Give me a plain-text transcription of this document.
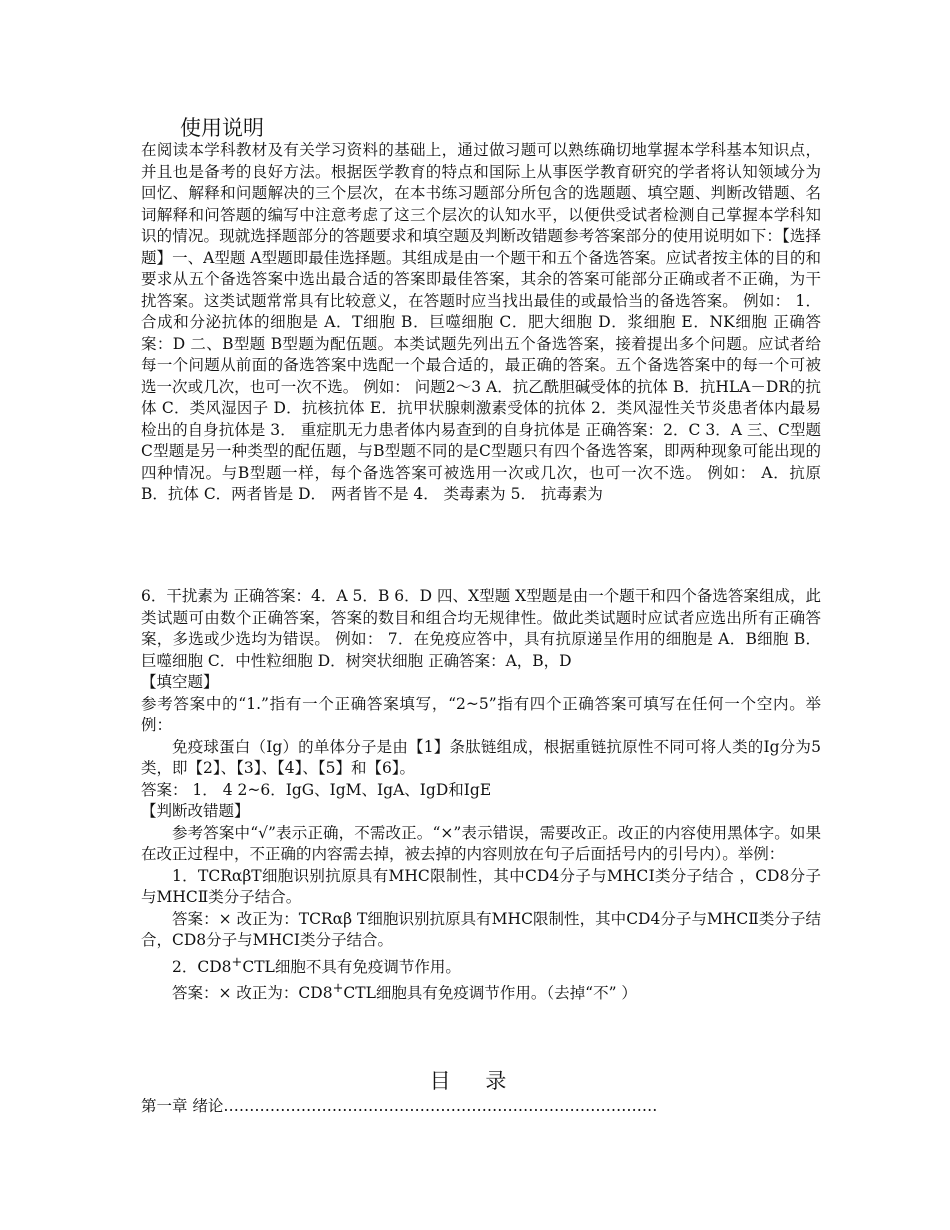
使用说明
在阅读本学科教材及有关学习资料的基础上，通过做习题可以熟练确切地掌握本学科基本知识点，并且也是备考的良好方法。根据医学教育的特点和国际上从事医学教育研究的学者将认知领域分为回忆、解释和问题解决的三个层次，在本书练习题部分所包含的选题题、填空题、判断改错题、名词解释和问答题的编写中注意考虑了这三个层次的认知水平，以便供受试者检测自己掌握本学科知识的情况。现就选择题部分的答题要求和填空题及判断改错题参考答案部分的使用说明如下：【选择题】一、A型题 A型题即最佳选择题。其组成是由一个题干和五个备选答案。应试者按主体的目的和要求从五个备选答案中选出最合适的答案即最佳答案，其余的答案可能部分正确或者不正确，为干扰答案。这类试题常常具有比较意义，在答题时应当找出最佳的或最恰当的备选答案。 例如： 1．合成和分泌抗体的细胞是 A．T细胞 B．巨噬细胞 C．肥大细胞 D．浆细胞 E．NK细胞 正确答案：D 二、B型题 B型题为配伍题。本类试题先列出五个备选答案，接着提出多个问题。应试者给每一个问题从前面的备选答案中选配一个最合适的，最正确的答案。五个备选答案中的每一个可被选一次或几次，也可一次不选。 例如： 问题2～3 A．抗乙酰胆碱受体的抗体 B．抗HLA－DR的抗体 C．类风湿因子 D．抗核抗体 E．抗甲状腺刺激素受体的抗体 2．类风湿性关节炎患者体内最易检出的自身抗体是 3． 重症肌无力患者体内易查到的自身抗体是 正确答案：2．C 3．A 三、C型题 C型题是另一种类型的配伍题，与B型题不同的是C型题只有四个备选答案，即两种现象可能出现的四种情况。与B型题一样，每个备选答案可被选用一次或几次，也可一次不选。 例如： A．抗原 B．抗体 C．两者皆是 D． 两者皆不是 4． 类毒素为 5． 抗毒素为
6．干扰素为 正确答案：4．A 5．B 6．D 四、X型题 X型题是由一个题干和四个备选答案组成，此类试题可由数个正确答案，答案的数目和组合均无规律性。做此类试题时应试者应选出所有正确答案，多选或少选均为错误。 例如： 7．在免疫应答中，具有抗原递呈作用的细胞是 A．B细胞 B．巨噬细胞 C．中性粒细胞 D．树突状细胞 正确答案：A，B，D
【填空题】
参考答案中的“1.”指有一个正确答案填写，“2~5”指有四个正确答案可填写在任何一个空内。举例：
免疫球蛋白（Ig）的单体分子是由【1】条肽链组成，根据重链抗原性不同可将人类的Ig分为5类，即【2】、【3】、【4】、【5】和【6】。
答案： 1． 4 2~6．IgG、IgM、IgA、IgD和IgE
【判断改错题】
参考答案中“√”表示正确，不需改正。“×”表示错误，需要改正。改正的内容使用黑体字。如果在改正过程中，不正确的内容需去掉，被去掉的内容则放在句子后面括号内的引号内）。举例：
1．TCRαβT细胞识别抗原具有MHC限制性，其中CD4分子与MHCⅠ类分子结合 ，CD8分子与MHCⅡ类分子结合。
答案：× 改正为：TCRαβ T细胞识别抗原具有MHC限制性，其中CD4分子与MHCⅡ类分子结合，CD8分子与MHCⅠ类分子结合。
2．CD8+CTL细胞不具有免疫调节作用。
答案：× 改正为：CD8+CTL细胞具有免疫调节作用。（去掉“不” ）
目 录
第一章 绪论…………………………………………………………………………
